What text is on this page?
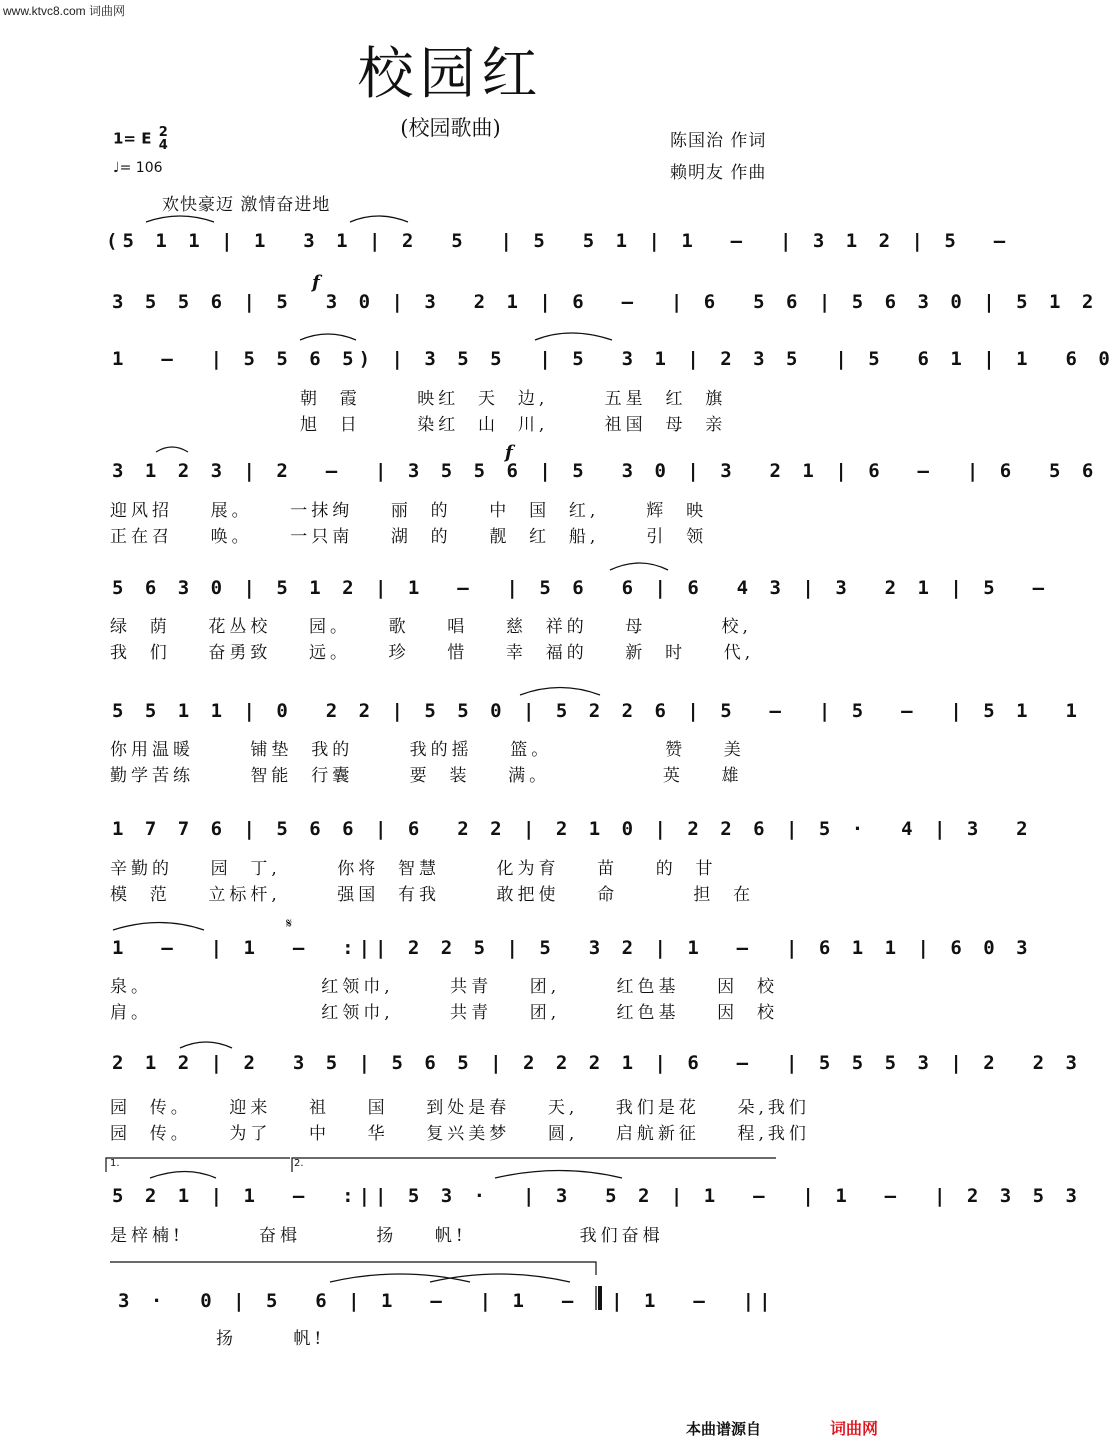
www.ktvc8.com 词曲网
校园红
(校园歌曲)
1= E 2
4
♩= 106
陈国治 作词
赖明友 作曲
欢快豪迈 激情奋进地
f
f
(5 1 1 | 1  3 1 | 2  5  | 5  5 1 | 1  –  | 3 1 2 | 5  –
3 5 5 6 | 5  3 0 | 3  2 1 | 6  –  | 6  5 6 | 5 6 3 0 | 5 1 2
1  –  | 5 5 6 5) | 3 5 5  | 5  3 1 | 2 3 5  | 5  6 1 | 1  6 0
朝  霞      映红  天  边,      五星  红  旗
旭  日      染红  山  川,      祖国  母  亲
3 1 2 3 | 2  –  | 3 5 5 6 | 5  3 0 | 3  2 1 | 6  –  | 6  5 6
迎风招    展。    一抹绚    丽  的    中  国  红,     辉  映
正在召    唤。    一只南    湖  的    靓  红  船,     引  领
5 6 3 0 | 5 1 2 | 1  –  | 5 6  6 | 6  4 3 | 3  2 1 | 5  –
绿  荫    花丛校    园。    歌    唱    慈  祥的    母        校,
我  们    奋勇致    远。    珍    惜    幸  福的    新  时    代,
5 5 1 1 | 0  2 2 | 5 5 0 | 5 2 2 6 | 5  –  | 5  –  | 5 1  1
你用温暖      铺垫  我的      我的摇    篮。            赞    美
勤学苦练      智能  行囊      要  装    满。            英    雄
1 7 7 6 | 5 6 6 | 6  2 2 | 2 1 0 | 2 2 6 | 5 ·  4 | 3  2
辛勤的    园  丁,      你将  智慧      化为育    苗    的  甘
模  范    立标杆,      强国  有我      敢把使    命        担  在
1  –  | 1  –  :|| 2 2 5 | 5  3 2 | 1  –  | 6 1 1 | 6 0 3
泉。                  红领巾,      共青    团,      红色基    因  校
肩。                  红领巾,      共青    团,      红色基    因  校
2 1 2 | 2  3 5 | 5 6 5 | 2 2 2 1 | 6  –  | 5 5 5 3 | 2  2 3
园  传。    迎来    祖    国    到处是春    天,    我们是花    朵,我们
园  传。    为了    中    华    复兴美梦    圆,    启航新征    程,我们
1.	2.
5 2 1 | 1  –  :|| 5 3 ·  | 3  5 2 | 1  –  | 1  –  | 2 3 5 3
是梓楠!        奋楫        扬    帆!            我们奋楫
3 ·  0 | 5  6 | 1  –  | 1  –  | 1  –  ||
扬      帆!
𝄋
本曲谱源自	词曲网
